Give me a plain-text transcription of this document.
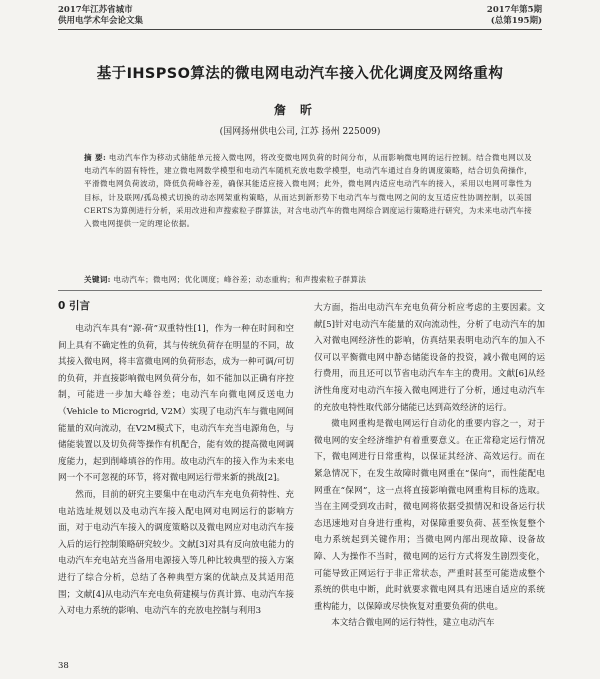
2017年江苏省城市
供用电学术年会论文集
2017年第5期
(总第195期)
基于IHSPSO算法的微电网电动汽车接入优化调度及网络重构
詹昕
(国网扬州供电公司, 江苏 扬州 225009)
摘 要: 电动汽车作为移动式储能单元接入微电网，将改变微电网负荷的时间分布，从而影响微电网的运行控制。结合微电网以及电动汽车的固有特性，建立微电网数学模型和电动汽车随机充放电数学模型，电动汽车通过自身的调度策略，结合切负荷操作，平滑微电网负荷波动，降低负荷峰谷差，确保其能适应接入微电网；此外，微电网内适应电动汽车的接入，采用以电网可靠性为目标，计及联网/孤岛模式切换的动态网架重构策略，从而达到新形势下电动汽车与微电网之间的友互适应性协调控制，以美国CERTS为算例进行分析，采用改进和声搜索粒子群算法，对含电动汽车的微电网综合调度运行策略进行研究，为未来电动汽车接入微电网提供一定的理论依据。
关键词: 电动汽车；微电网；优化调度；峰谷差；动态重构；和声搜索粒子群算法
0 引言

电动汽车具有“源-荷”双重特性[1]，作为一种在时间和空间上具有不确定性的负荷，其与传统负荷存在明显的不同，故其接入微电网，将丰富微电网的负荷形态，成为一种可调/可切的负荷，并直接影响微电网负荷分布，如不能加以正确有序控制，可能进一步加大峰谷差；电动汽车向微电网反送电力（Vehicle to Microgrid, V2M）实现了电动汽车与微电网间能量的双向流动，在V2M模式下，电动汽车充当电源角色，与储能装置以及切负荷等操作有机配合，能有效的提高微电网调度能力，起到削峰填谷的作用。故电动汽车的接入作为未来电网一个不可忽视的环节，将对微电网运行带来新的挑战[2]。

然而，目前的研究主要集中在电动汽车充电负荷特性、充电站选址规划以及电动汽车接入配电网对电网运行的影响方面，对于电动汽车接入的调度策略以及微电网应对电动汽车接入后的运行控制策略研究较少。文献[3]对具有反向放电能力的电动汽车充电站充当备用电源接入等几种比较典型的接入方案进行了综合分析，总结了各种典型方案的优缺点及其适用范围；文献[4]从电动汽车充电负荷建模与仿真计算、电动汽车接入对电力系统的影响、电动汽车的充放电控制与利用3

大方面，指出电动汽车充电负荷分析应考虑的主要因素。文献[5]针对电动汽车能量的双向流动性，分析了电动汽车的加入对微电网经济性的影响，仿真结果表明电动汽车的加入不仅可以平衡微电网中静态储能设备的投资，减小微电网的运行费用，而且还可以节省电动汽车车主的费用。文献[6]从经济性角度对电动汽车接入微电网进行了分析，通过电动汽车的充放电特性取代部分储能已达到高效经济的运行。

微电网重构是微电网运行自动化的重要内容之一，对于微电网的安全经济维护有着重要意义。在正常稳定运行情况下，微电网进行日常重构，以保证其经济、高效运行。而在紧急情况下，在发生故障时微电网重在“保向”，而性能配电网重在“保网”，这一点将直接影响微电网重构目标的选取。当在主网受到攻击时，微电网将依据受损情况和设备运行状态迅速地对自身进行重构，对保障重要负荷、甚至恢复整个电力系统起到关键作用；当微电网内部出现故障、设备故障、人为操作不当时，微电网的运行方式将发生剧烈变化，可能导致正网运行于非正常状态，严重时甚至可能造成整个系统的供电中断，此时就要求微电网具有迅速自适应的系统重构能力，以保障或尽快恢复对重要负荷的供电。

本文结合微电网的运行特性，建立电动汽车

38
